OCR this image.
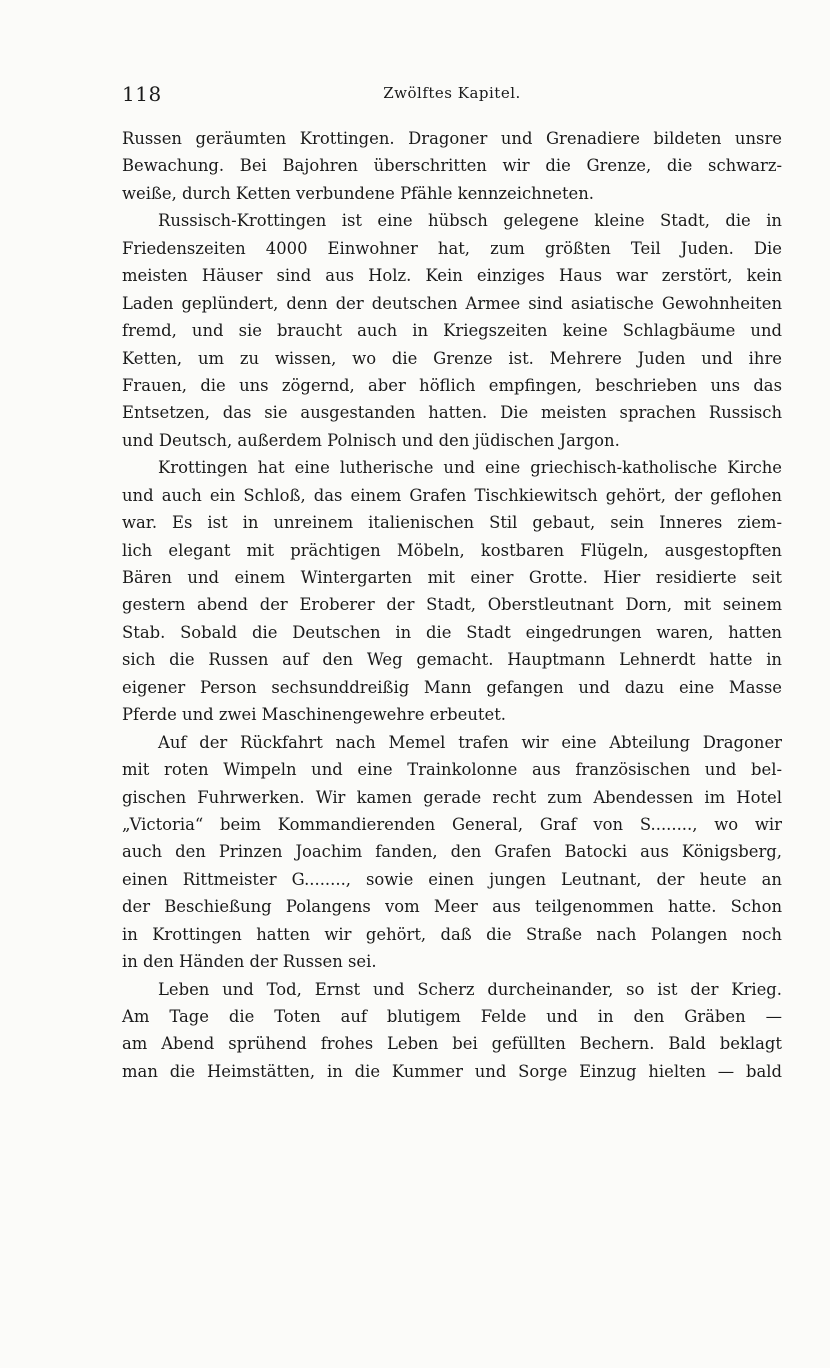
118	Zwölftes Kapitel.
Russen geräumten Krottingen. Dragoner und Grenadiere bildeten unsre
Bewachung. Bei Bajohren überschritten wir die Grenze, die schwarz-
weiße, durch Ketten verbundene Pfähle kennzeichneten.
Russisch-Krottingen ist eine hübsch gelegene kleine Stadt, die in
Friedenszeiten 4000 Einwohner hat, zum größten Teil Juden. Die
meisten Häuser sind aus Holz. Kein einziges Haus war zerstört, kein
Laden geplündert, denn der deutschen Armee sind asiatische Gewohnheiten
fremd, und sie braucht auch in Kriegszeiten keine Schlagbäume und
Ketten, um zu wissen, wo die Grenze ist. Mehrere Juden und ihre
Frauen, die uns zögernd, aber höflich empfingen, beschrieben uns das
Entsetzen, das sie ausgestanden hatten. Die meisten sprachen Russisch
und Deutsch, außerdem Polnisch und den jüdischen Jargon.
Krottingen hat eine lutherische und eine griechisch-katholische Kirche
und auch ein Schloß, das einem Grafen Tischkiewitsch gehört, der geflohen
war. Es ist in unreinem italienischen Stil gebaut, sein Inneres ziem-
lich elegant mit prächtigen Möbeln, kostbaren Flügeln, ausgestopften
Bären und einem Wintergarten mit einer Grotte. Hier residierte seit
gestern abend der Eroberer der Stadt, Oberstleutnant Dorn, mit seinem
Stab. Sobald die Deutschen in die Stadt eingedrungen waren, hatten
sich die Russen auf den Weg gemacht. Hauptmann Lehnerdt hatte in
eigener Person sechsunddreißig Mann gefangen und dazu eine Masse
Pferde und zwei Maschinengewehre erbeutet.
Auf der Rückfahrt nach Memel trafen wir eine Abteilung Dragoner
mit roten Wimpeln und eine Trainkolonne aus französischen und bel-
gischen Fuhrwerken. Wir kamen gerade recht zum Abendessen im Hotel
„Victoria“ beim Kommandierenden General, Graf von S........, wo wir
auch den Prinzen Joachim fanden, den Grafen Batocki aus Königsberg,
einen Rittmeister G........, sowie einen jungen Leutnant, der heute an
der Beschießung Polangens vom Meer aus teilgenommen hatte. Schon
in Krottingen hatten wir gehört, daß die Straße nach Polangen noch
in den Händen der Russen sei.
Leben und Tod, Ernst und Scherz durcheinander, so ist der Krieg.
Am Tage die Toten auf blutigem Felde und in den Gräben —
am Abend sprühend frohes Leben bei gefüllten Bechern. Bald beklagt
man die Heimstätten, in die Kummer und Sorge Einzug hielten — bald
